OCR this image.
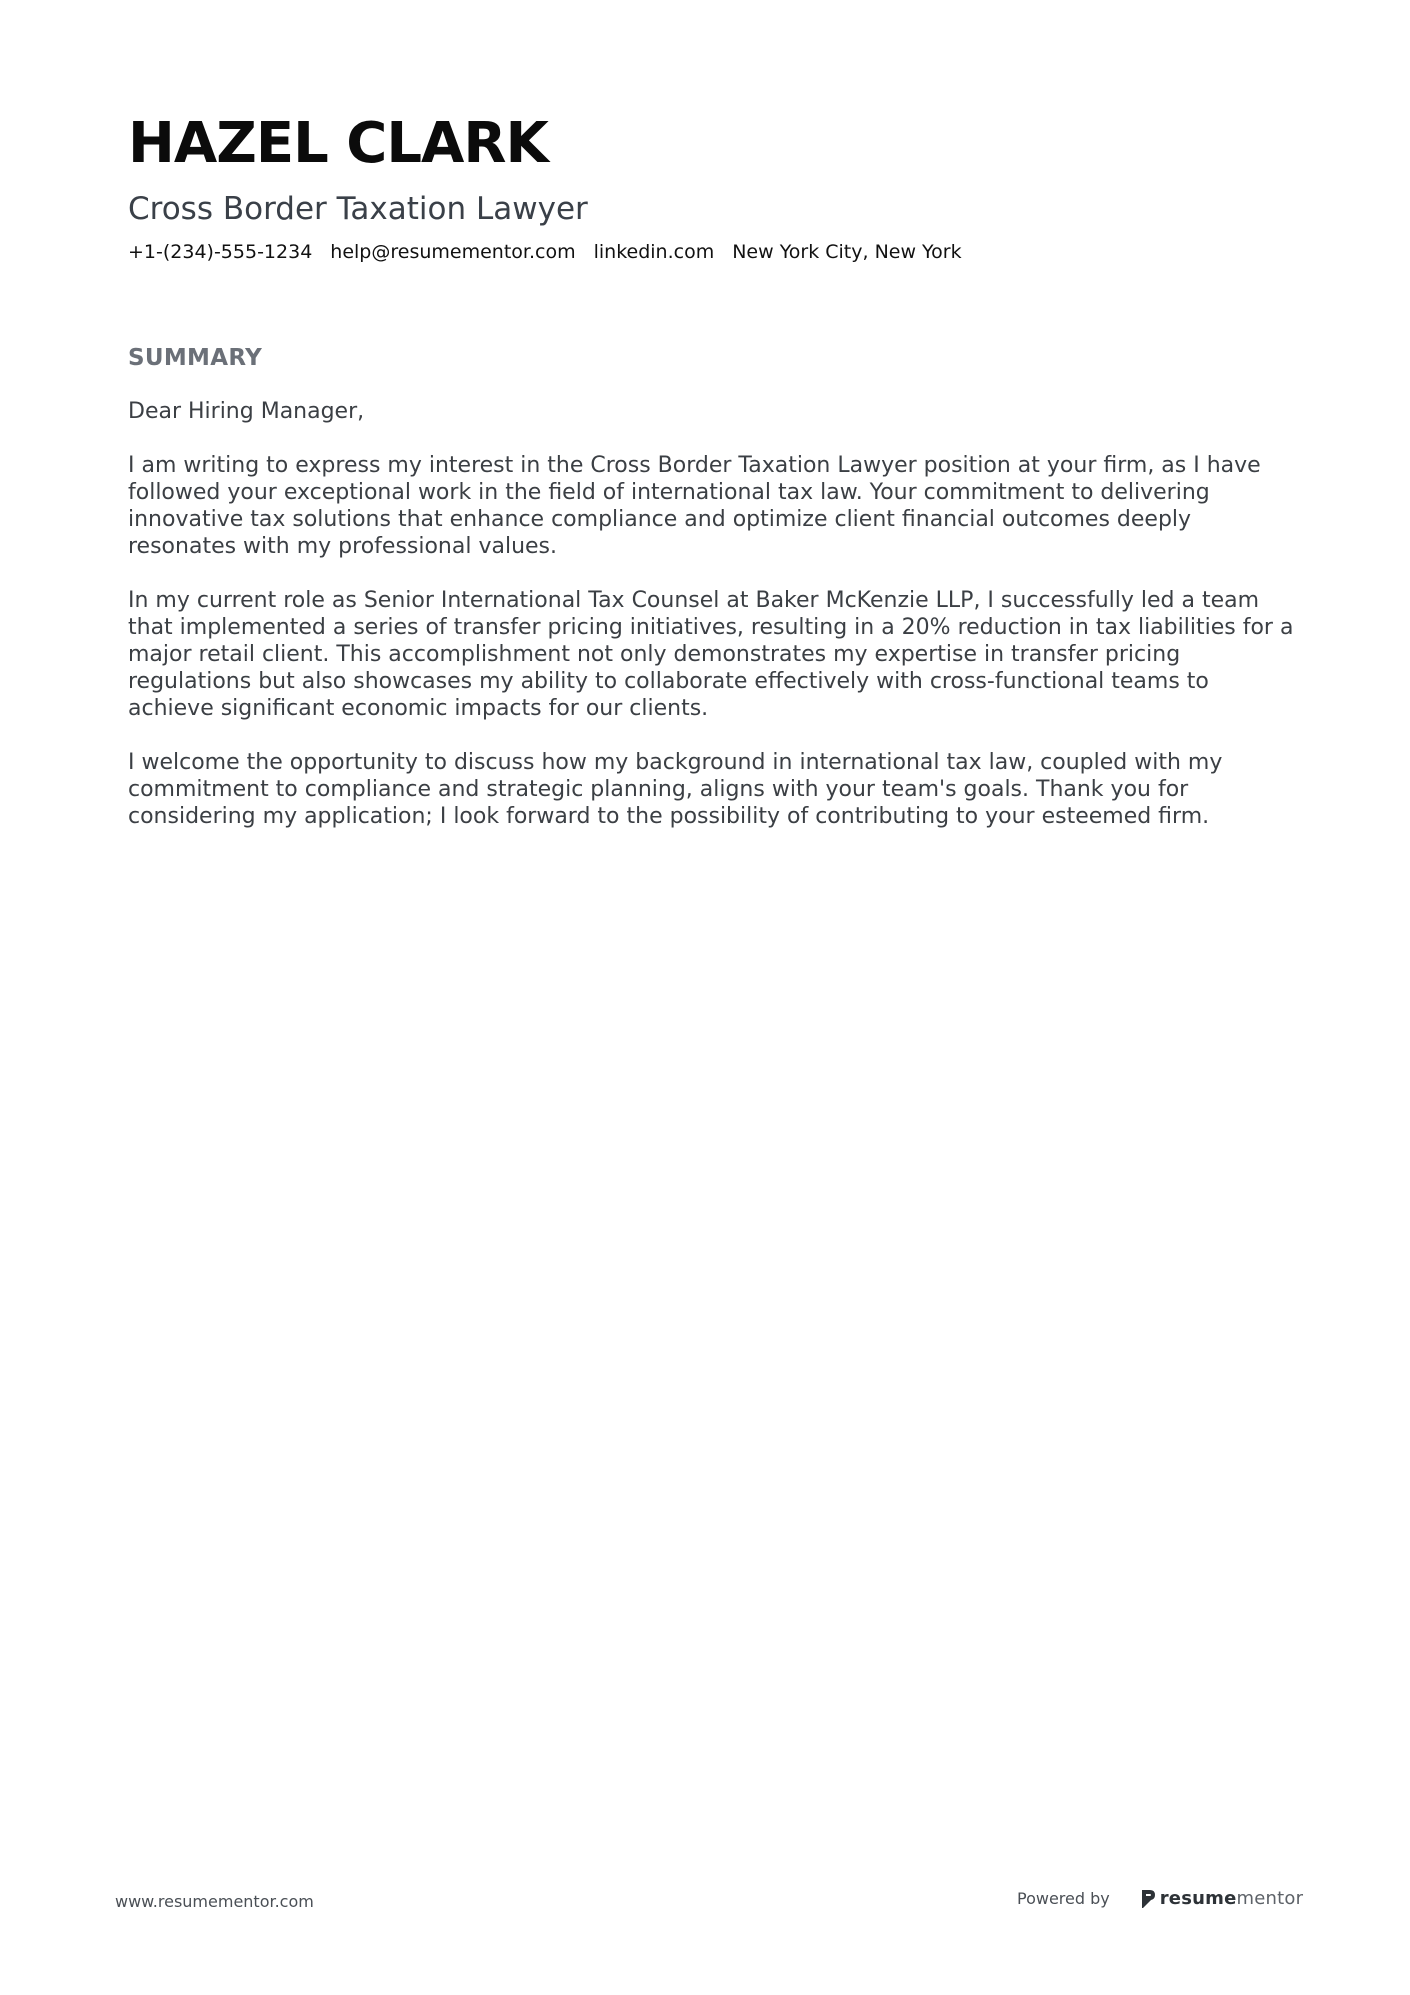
HAZEL CLARK
Cross Border Taxation Lawyer
+1-(234)-555-1234 help@resumementor.com linkedin.com New York City, New York
SUMMARY

Dear Hiring Manager,

I am writing to express my interest in the Cross Border Taxation Lawyer position at your firm, as I have followed your exceptional work in the field of international tax law. Your commitment to delivering innovative tax solutions that enhance compliance and optimize client financial outcomes deeply resonates with my professional values.

In my current role as Senior International Tax Counsel at Baker McKenzie LLP, I successfully led a team that implemented a series of transfer pricing initiatives, resulting in a 20% reduction in tax liabilities for a major retail client. This accomplishment not only demonstrates my expertise in transfer pricing regulations but also showcases my ability to collaborate effectively with cross-functional teams to achieve significant economic impacts for our clients.

I welcome the opportunity to discuss how my background in international tax law, coupled with my commitment to compliance and strategic planning, aligns with your team's goals. Thank you for considering my application; I look forward to the possibility of contributing to your esteemed firm.

www.resumementor.com	Powered by	resumementor
